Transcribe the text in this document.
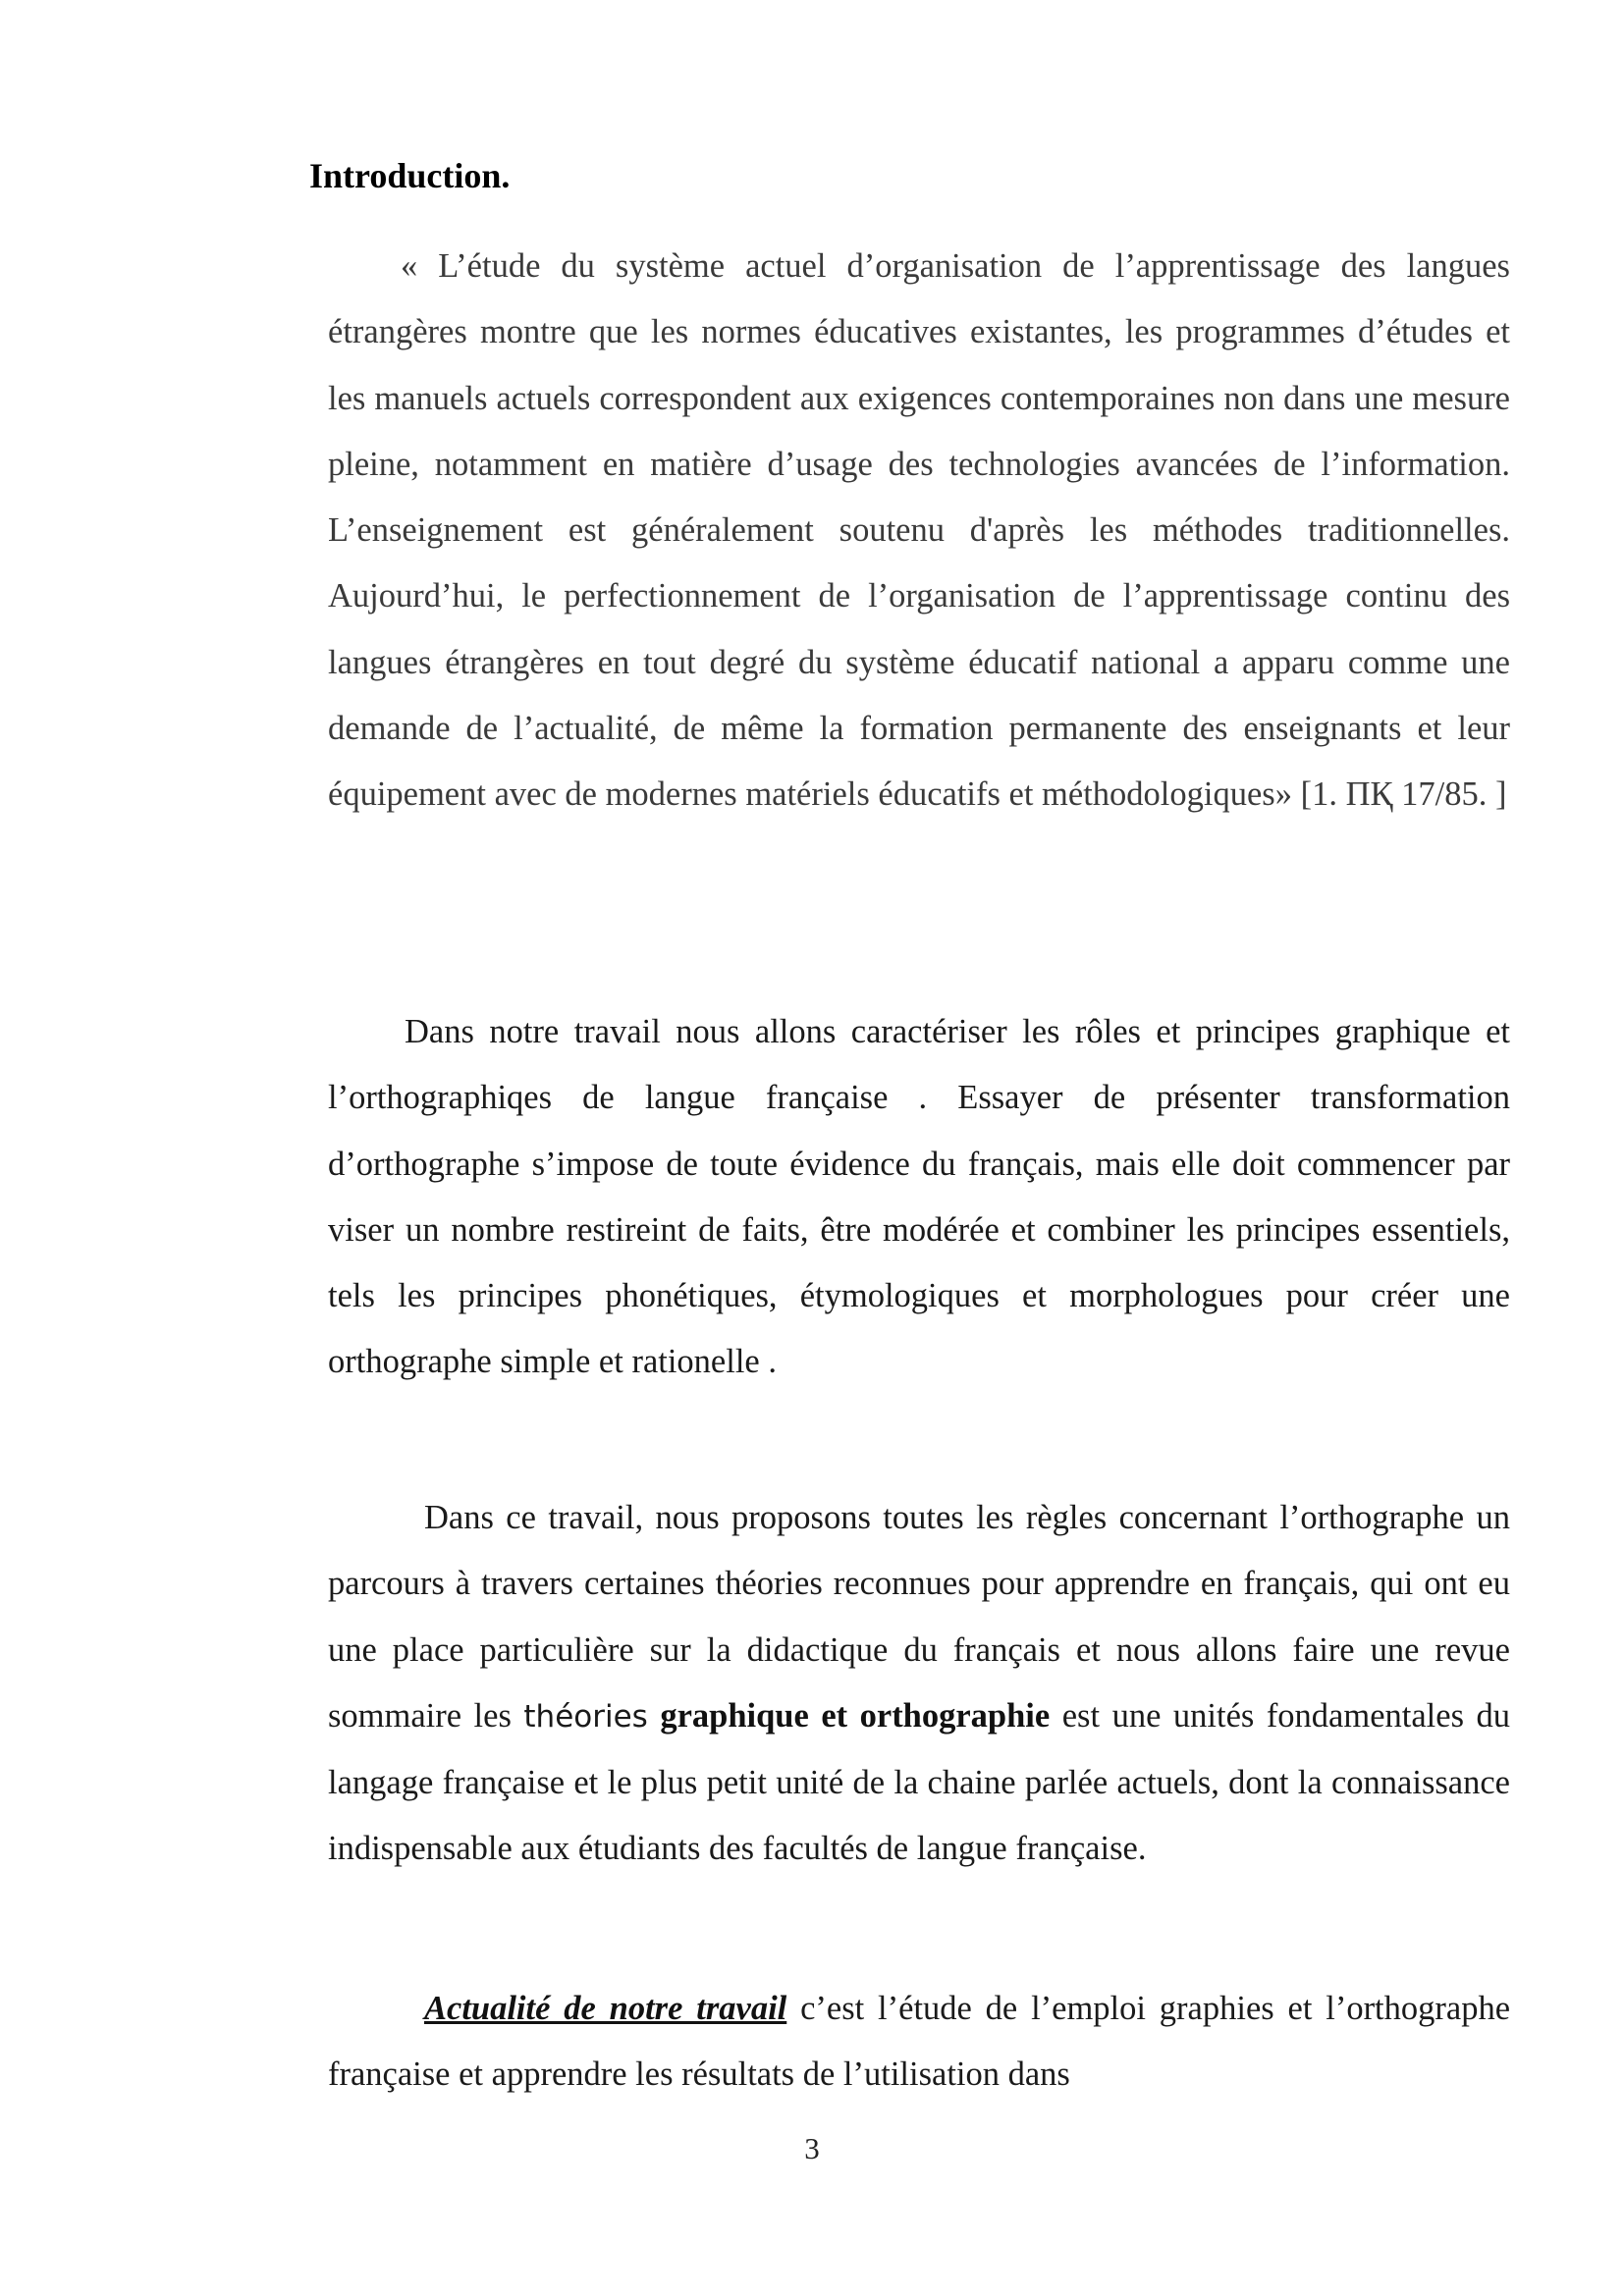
Introduction.

« L’étude du système actuel d’organisation de l’apprentissage des langues étrangères montre que les normes éducatives existantes, les programmes d’études et les manuels actuels correspondent aux exigences contemporaines non dans une mesure pleine, notamment en matière d’usage des technologies avancées de l’information. L’enseignement est généralement soutenu d'après les méthodes traditionnelles. Aujourd’hui, le perfectionnement de l’organisation de l’apprentissage continu des langues étrangères en tout degré du système éducatif national a apparu comme une demande de l’actualité, de même la formation permanente des enseignants et leur équipement avec de modernes matériels éducatifs et méthodologiques» [1. ПҚ 17/85. ]

Dans notre travail nous allons caractériser les rôles et principes graphique et l’orthographiqes de langue française . Essayer de présenter transformation d’orthographe s’impose de toute évidence du français, mais elle doit commencer par viser un nombre restireint de faits, être modérée et combiner les principes essentiels, tels les principes phonétiques, étymologiques et morphologues pour créer une orthographe simple et rationelle .

Dans ce travail, nous proposons toutes les règles concernant l’orthographe un parcours à travers certaines théories reconnues pour apprendre en français, qui ont eu une place particulière sur la didactique du français et nous allons faire une revue sommaire les théories graphique et orthographie est une unités fondamentales du langage française et le plus petit unité de la chaine parlée actuels, dont la connaissance indispensable aux étudiants des facultés de langue française.

Actualité de notre travail c’est l’étude de l’emploi graphies et l’orthographe française et apprendre les résultats de l’utilisation dans

3
